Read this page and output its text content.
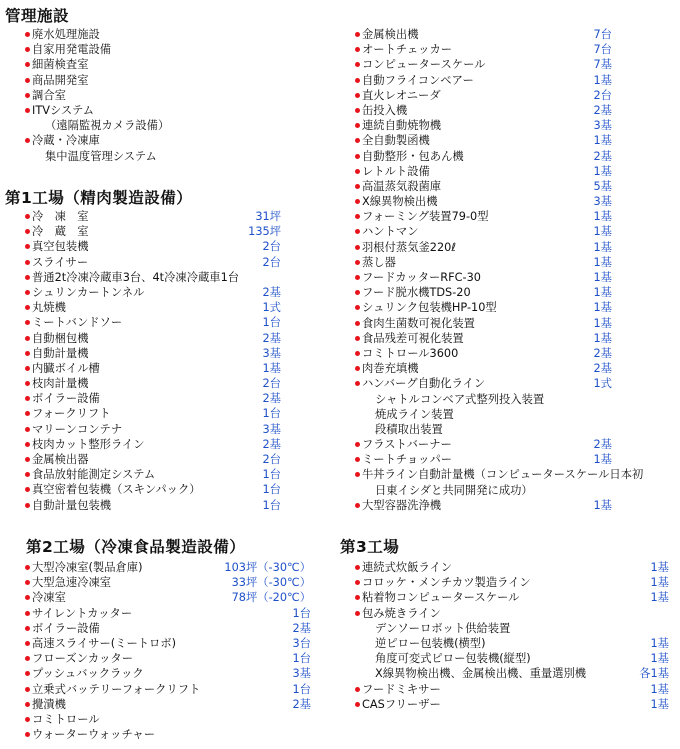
管理施設
廃水処理施設
自家用発電設備
細菌検査室
商品開発室
調合室
ITVシステム
（遠隔監視カメラ設備）
冷蔵・冷凍庫
集中温度管理システム
第1工場（精肉製造設備）
冷　凍　室	31坪
冷　蔵　室	135坪
真空包装機	2台
スライサー	2台
普通2t冷凍冷蔵車3台、4t冷凍冷蔵車1台
シュリンカートンネル	2基
丸焼機	1式
ミートバンドソー	1台
自動梱包機	2基
自動計量機	3基
内臓ボイル槽	1基
枝肉計量機	2台
ボイラー設備	2基
フォークリフト	1台
マリーンコンテナ	3基
枝肉カット整形ライン	2基
金属検出器	2台
食品放射能測定システム	1台
真空密着包装機（スキンパック）	1台
自動計量包装機	1台
第2工場（冷凍食品製造設備）
大型冷凍室(製品倉庫)	103坪（-30℃）
大型急速冷凍室	33坪（-30℃）
冷凍室	78坪（-20℃）
サイレントカッター	1台
ボイラー設備	2基
高速スライサー(ミートロボ)	3台
フローズンカッター	1台
プッシュバックラック	3基
立乗式バッテリーフォークリフト	1台
攪潰機	2基
コミトロール
ウォーターウォッチャー
金属検出機	7台
オートチェッカー	7台
コンピュータースケール	7基
自動フライコンベアー	1基
直火レオニーダ	2台
缶投入機	2基
連続自動焼物機	3基
全自動製函機	1基
自動整形・包あん機	2基
レトルト設備	1基
高温蒸気殺菌庫	5基
X線異物検出機	3基
フォーミング装置79-0型	1基
ハントマン	1基
羽根付蒸気釜220ℓ	1基
蒸し器	1基
フードカッターRFC-30	1基
フード脱水機TDS-20	1基
シュリンク包装機HP-10型	1基
食肉生菌数可視化装置	1基
食品残差可視化装置	1基
コミトロール3600	2基
肉巻充填機	2基
ハンバーグ自動化ライン	1式
シャトルコンベア式整列投入装置
焼成ライン装置
段積取出装置
フラストバーナー	2基
ミートチョッパー	1基
牛丼ライン自動計量機（コンピュータースケール日本初
日東イシダと共同開発に成功）
大型容器洗浄機	1基
第3工場
連続式炊飯ライン	1基
コロッケ・メンチカツ製造ライン	1基
粘着物コンピュータースケール	1基
包み焼きライン
デンソーロボット供給装置
逆ピロー包装機(横型)	1基
角度可変式ピロー包装機(縦型)	1基
X線異物検出機、金属検出機、重量選別機	各1基
フードミキサー	1基
CASフリーザー	1基
